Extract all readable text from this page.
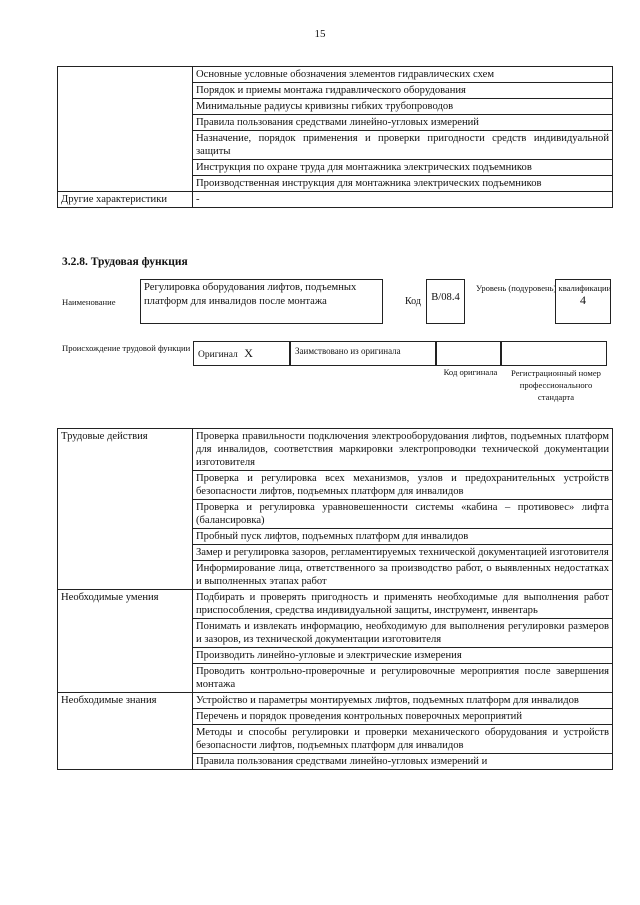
15
	Основные условные обозначения элементов гидравлических схем
	Порядок и приемы монтажа гидравлического оборудования
	Минимальные радиусы кривизны гибких трубопроводов
	Правила пользования средствами линейно-угловых измерений
	Назначение, порядок применения и проверки пригодности средств индивидуальной защиты
	Инструкция по охране труда для монтажника электрических подъемников
	Производственная инструкция для монтажника электрических подъемников
Другие характеристики	-
3.2.8. Трудовая функция
Наименование
Регулировка оборудования лифтов, подъемных платформ для инвалидов после монтажа	Код В/08.4
Уровень (подуровень) квалификации
4
Происхождение трудовой функции
Оригинал X	Заимствовано из оригинала
Код оригинала	Регистрационный номер профессионального стандарта
Трудовые действия	Проверка правильности подключения электрооборудования лифтов, подъемных платформ для инвалидов, соответствия маркировки электропроводки технической документации изготовителя
	Проверка и регулировка всех механизмов, узлов и предохранительных устройств безопасности лифтов, подъемных платформ для инвалидов
	Проверка и регулировка уравновешенности системы «кабина – противовес» лифта (балансировка)
	Пробный пуск лифтов, подъемных платформ для инвалидов
	Замер и регулировка зазоров, регламентируемых технической документацией изготовителя
	Информирование лица, ответственного за производство работ, о выявленных недостатках и выполненных этапах работ
Необходимые умения	Подбирать и проверять пригодность и применять необходимые для выполнения работ приспособления, средства индивидуальной защиты, инструмент, инвентарь
	Понимать и извлекать информацию, необходимую для выполнения регулировки размеров и зазоров, из технической документации изготовителя
	Производить линейно-угловые и электрические измерения
	Проводить контрольно-проверочные и регулировочные мероприятия после завершения монтажа
Необходимые знания	Устройство и параметры монтируемых лифтов, подъемных платформ для инвалидов
	Перечень и порядок проведения контрольных поверочных мероприятий
	Методы и способы регулировки и проверки механического оборудования и устройств безопасности лифтов, подъемных платформ для инвалидов
	Правила пользования средствами линейно-угловых измерений и
